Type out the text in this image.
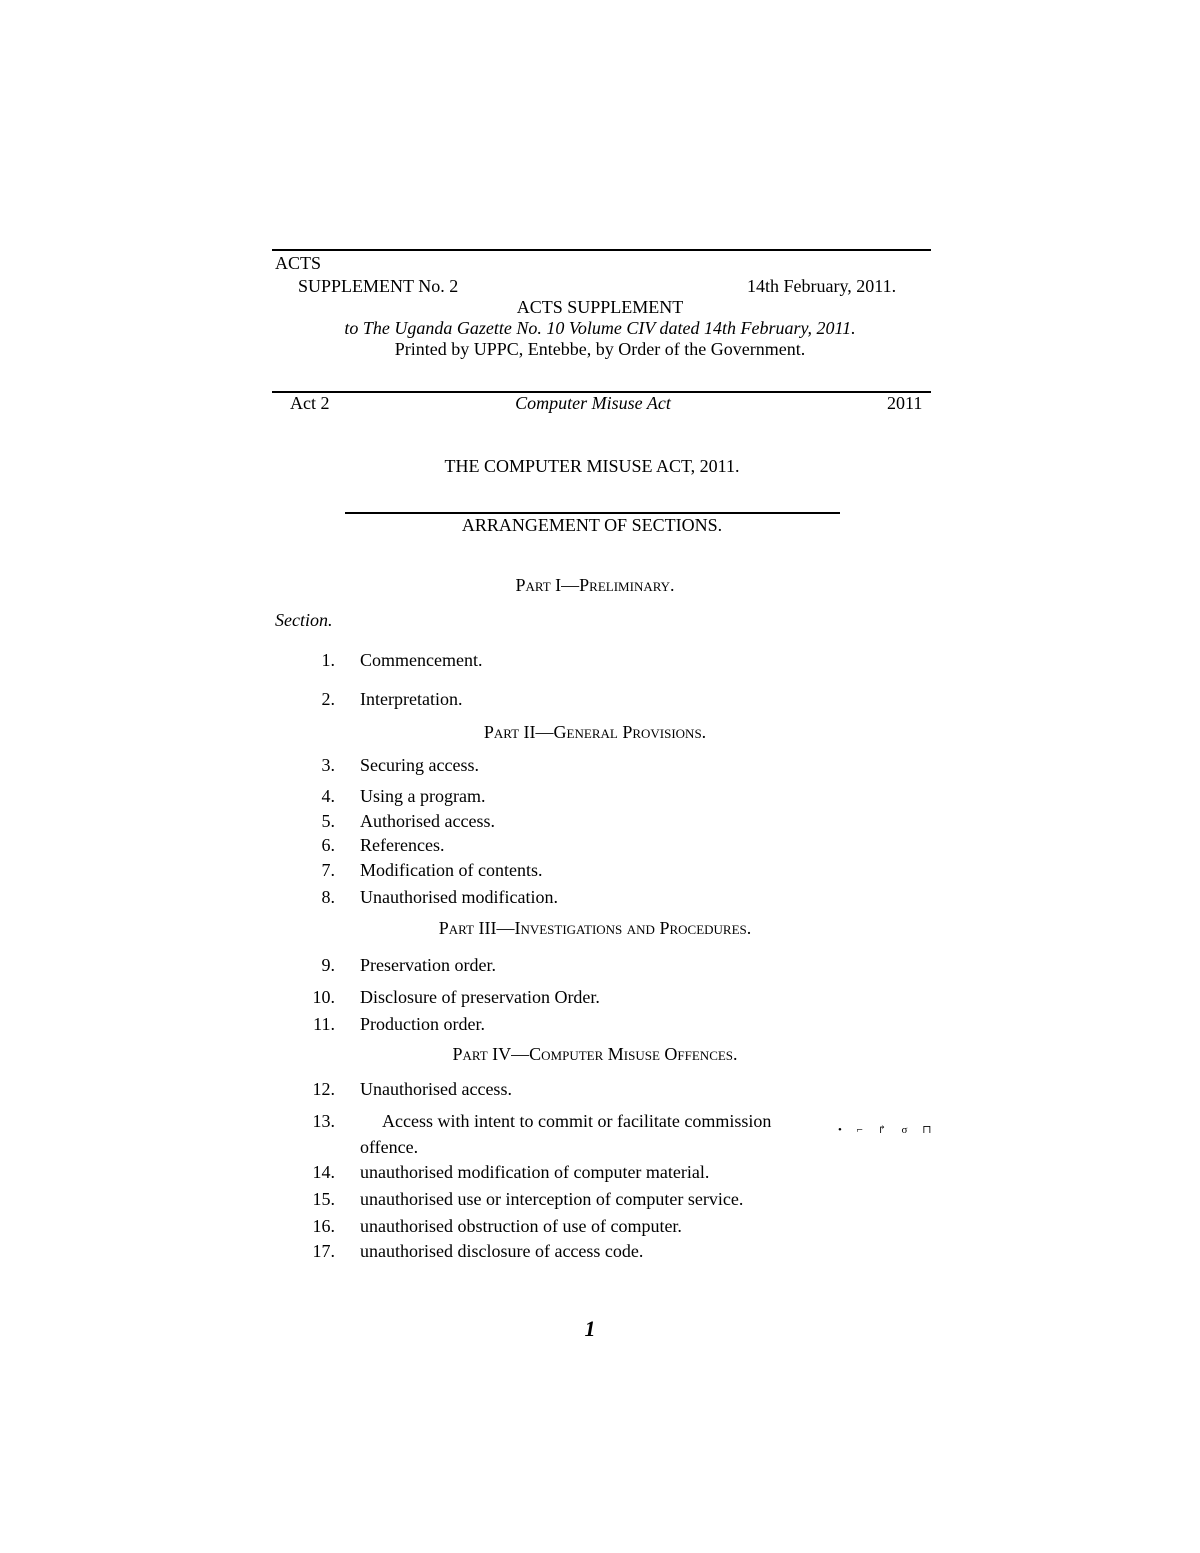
ACTS
SUPPLEMENT No. 2	14th February, 2011.
ACTS SUPPLEMENT
to The Uganda Gazette No. 10 Volume CIV dated 14th February, 2011.
Printed by UPPC, Entebbe, by Order of the Government.
Act 2	Computer Misuse Act	2011
THE COMPUTER MISUSE ACT, 2011.
ARRANGEMENT OF SECTIONS.
Part I—Preliminary.
Section.
1. Commencement.
2. Interpretation.
Part II—General Provisions.
3. Securing access.
4. Using a program.
5. Authorised access.
6. References.
7. Modification of contents.
8. Unauthorised modification.
Part III—Investigations and Procedures.
9. Preservation order.
10. Disclosure of preservation Order.
11. Production order.
Part IV—Computer Misuse Offences.
12. Unauthorised access.
13.	Access with intent to commit or facilitate commission
offence.
• ⌐ ↱ σ ⊓
14. unauthorised modification of computer material.
15. unauthorised use or interception of computer service.
16. unauthorised obstruction of use of computer.
17. unauthorised disclosure of access code.
1
